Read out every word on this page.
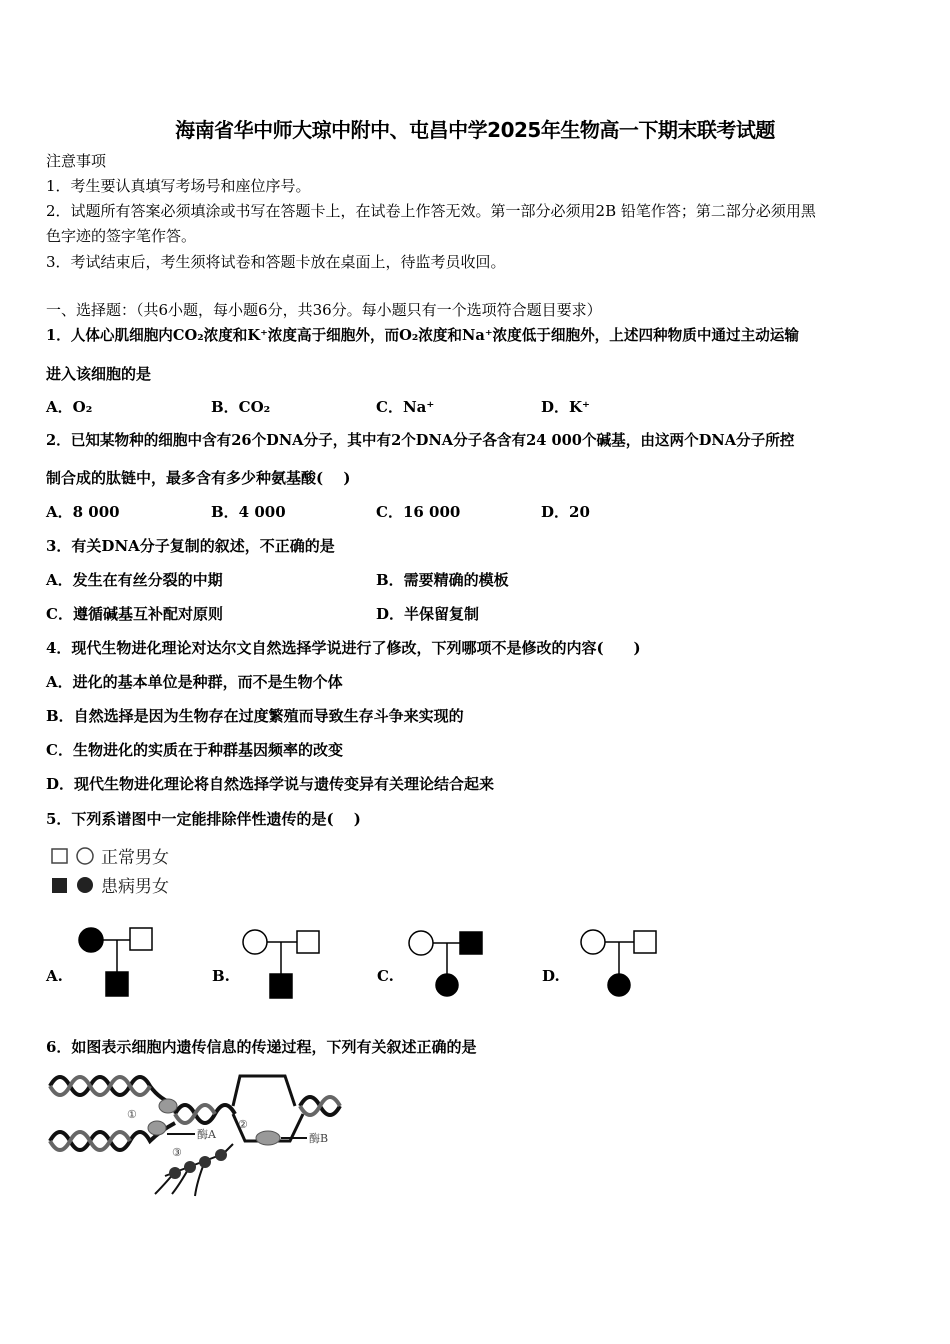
海南省华中师大琼中附中、屯昌中学2025年生物高一下期末联考试题
注意事项
1．考生要认真填写考场号和座位序号。
2．试题所有答案必须填涂或书写在答题卡上，在试卷上作答无效。第一部分必须用2B 铅笔作答；第二部分必须用黑
色字迹的签字笔作答。
3．考试结束后，考生须将试卷和答题卡放在桌面上，待监考员收回。
一、选择题：（共6小题，每小题6分，共36分。每小题只有一个选项符合题目要求）
1．人体心肌细胞内CO₂浓度和K⁺浓度高于细胞外，而O₂浓度和Na⁺浓度低于细胞外，上述四种物质中通过主动运输
进入该细胞的是
A．O₂	B．CO₂	C．Na⁺	D．K⁺
2．已知某物种的细胞中含有26个DNA分子，其中有2个DNA分子各含有24 000个碱基，由这两个DNA分子所控
制合成的肽链中，最多含有多少种氨基酸(　 )
A．8 000	B．4 000	C．16 000	D．20
3．有关DNA分子复制的叙述，不正确的是
A．发生在有丝分裂的中期	B．需要精确的模板
C．遵循碱基互补配对原则	D．半保留复制
4．现代生物进化理论对达尔文自然选择学说进行了修改，下列哪项不是修改的内容(　　)
A．进化的基本单位是种群，而不是生物个体
B．自然选择是因为生物存在过度繁殖而导致生存斗争来实现的
C．生物进化的实质在于种群基因频率的改变
D．现代生物进化理论将自然选择学说与遗传变异有关理论结合起来
5．下列系谱图中一定能排除伴性遗传的是(　 )
正常男女
患病男女
A.	B.	C.	D.
6．如图表示细胞内遗传信息的传递过程，下列有关叙述正确的是
①
②
③
酶A	酶B
